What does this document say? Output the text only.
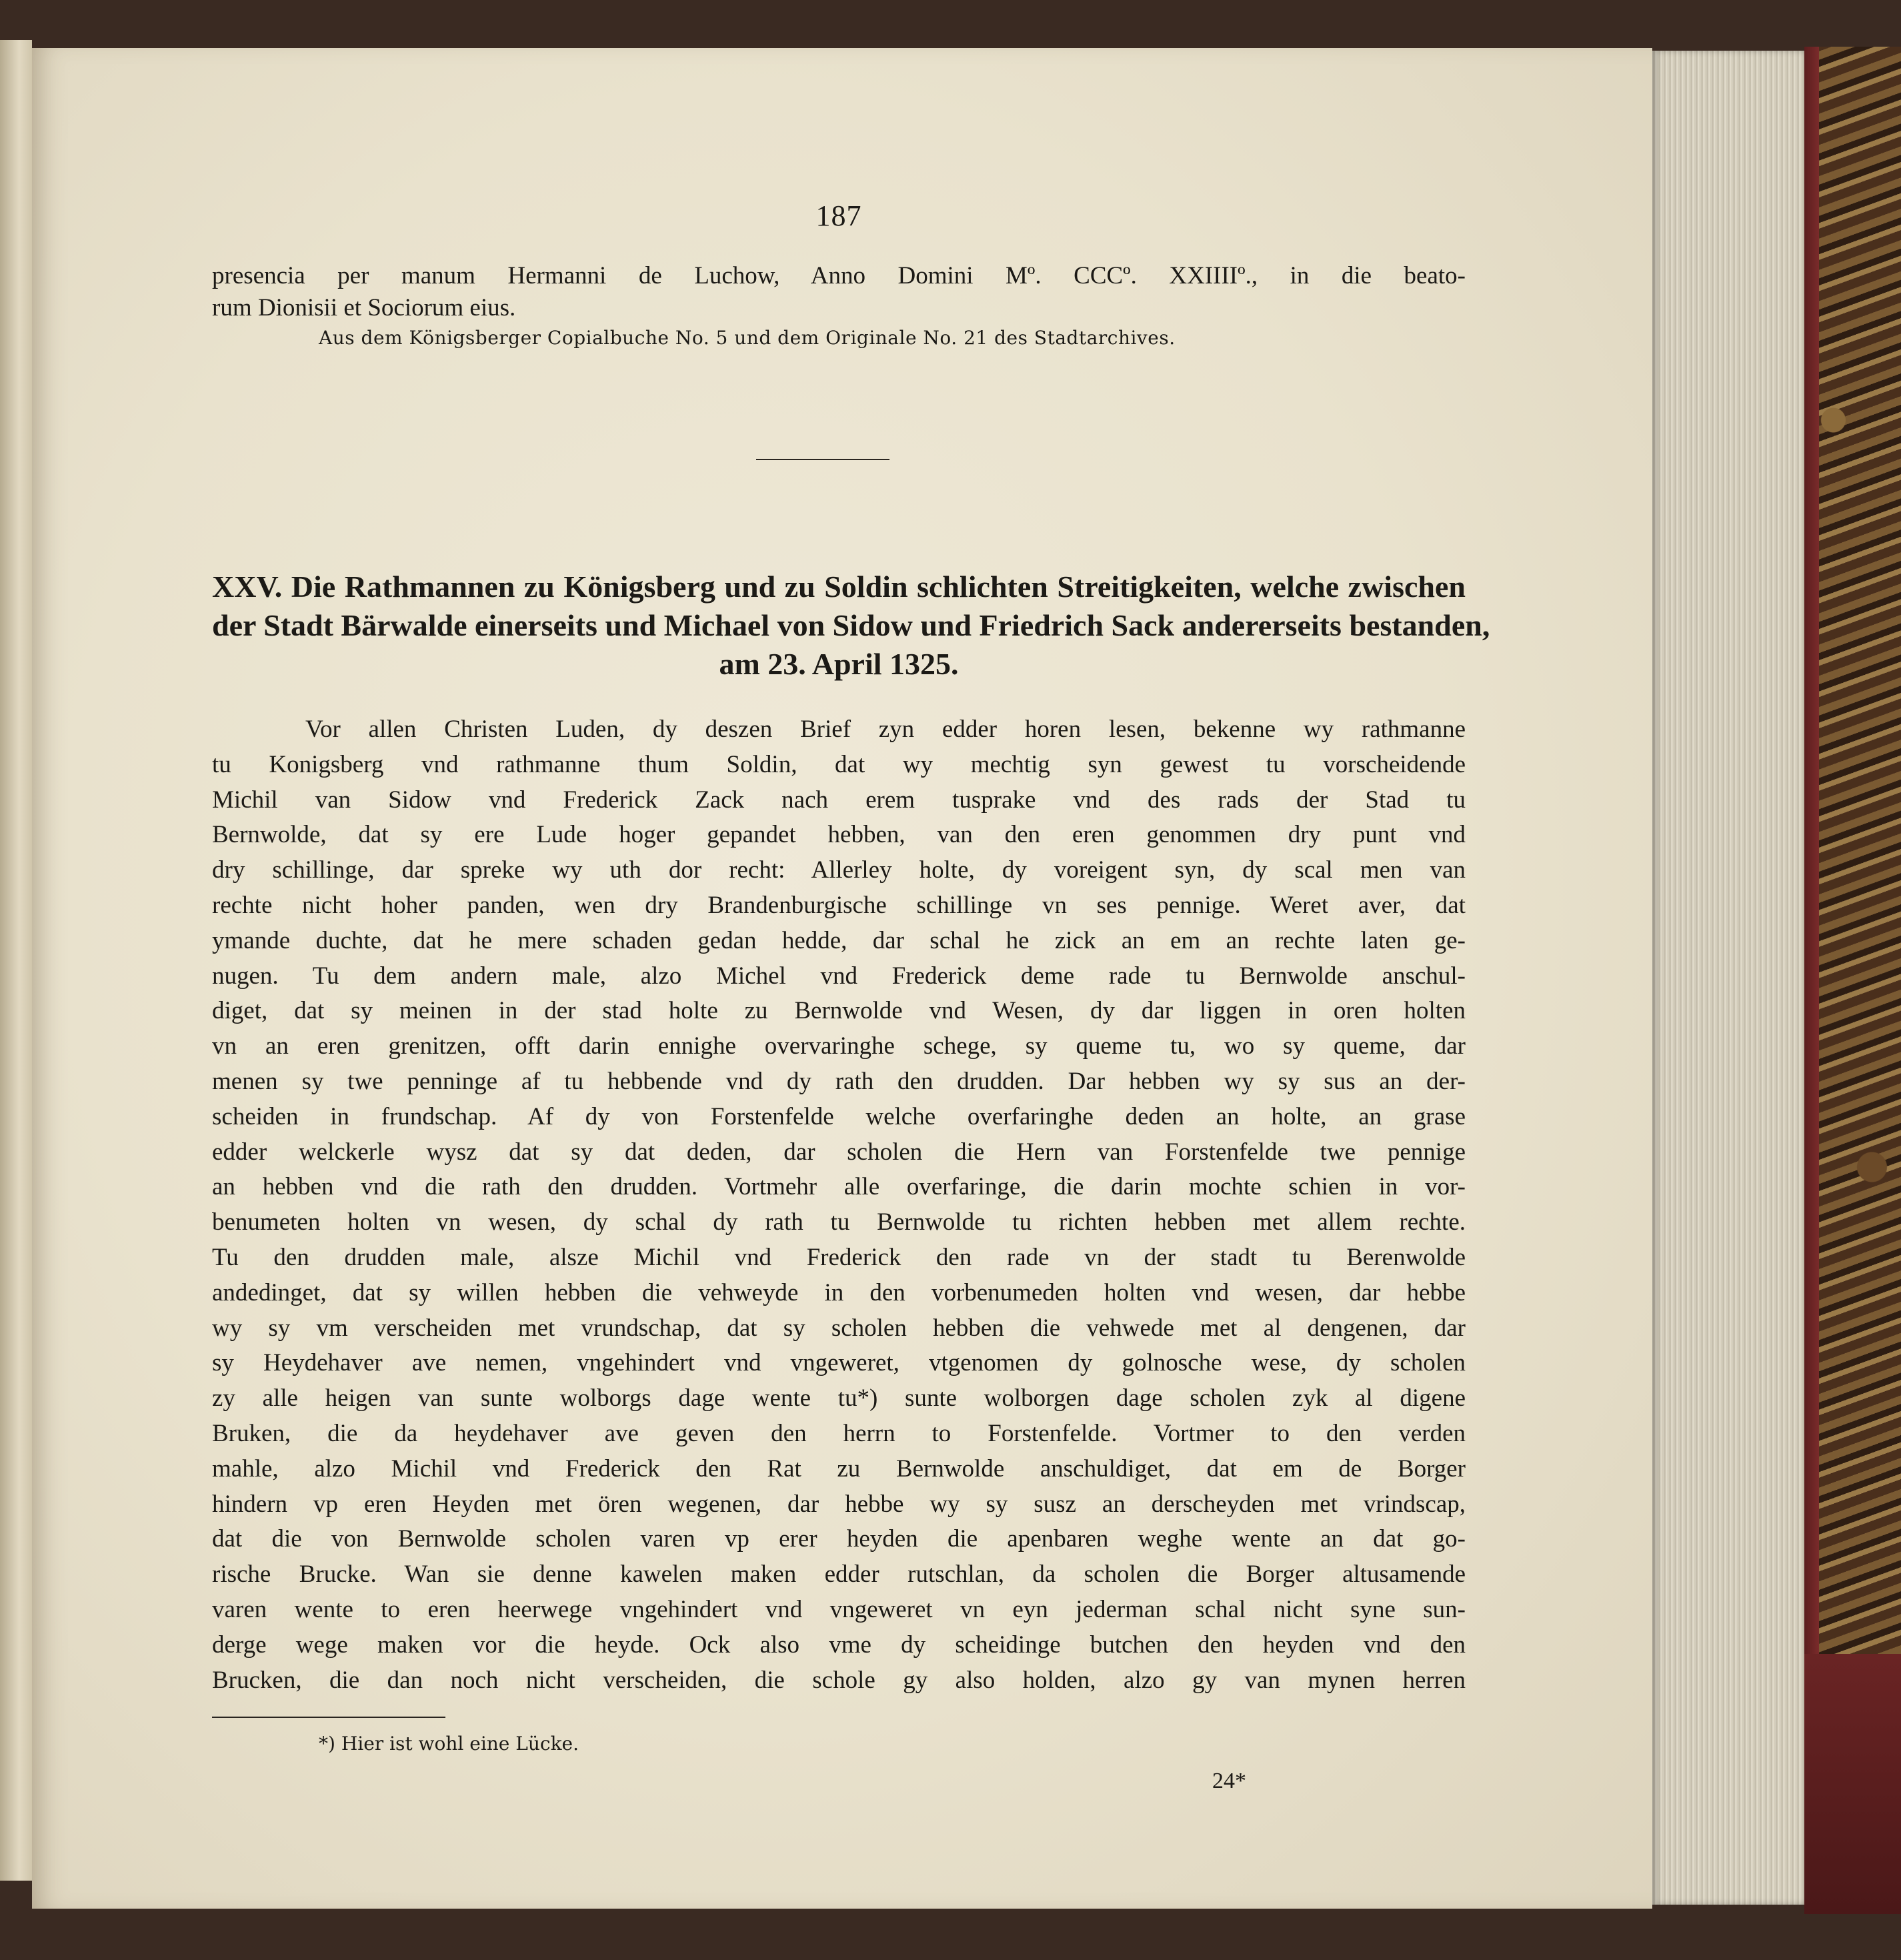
187
presencia per manum Hermanni de Luchow, Anno Domini Mº. CCCº. XXIIIIº., in die beato-
rum Dionisii et Sociorum eius.
Aus dem Königsberger Copialbuche No. 5 und dem Originale No. 21 des Stadtarchives.
XXV. Die Rathmannen zu Königsberg und zu Soldin schlichten Streitigkeiten, welche zwischen
der Stadt Bärwalde einerseits und Michael von Sidow und Friedrich Sack andererseits bestanden,
am 23. April 1325.
Vor allen Christen Luden, dy deszen Brief zyn edder horen lesen, bekenne wy rathmanne
tu Konigsberg vnd rathmanne thum Soldin, dat wy mechtig syn gewest tu vorscheidende
Michil van Sidow vnd Frederick Zack nach erem tusprake vnd des rads der Stad tu
Bernwolde, dat sy ere Lude hoger gepandet hebben, van den eren genommen dry punt vnd
dry schillinge, dar spreke wy uth dor recht: Allerley holte, dy voreigent syn, dy scal men van
rechte nicht hoher panden, wen dry Brandenburgische schillinge vn ses pennige. Weret aver, dat
ymande duchte, dat he mere schaden gedan hedde, dar schal he zick an em an rechte laten ge-
nugen. Tu dem andern male, alzo Michel vnd Frederick deme rade tu Bernwolde anschul-
diget, dat sy meinen in der stad holte zu Bernwolde vnd Wesen, dy dar liggen in oren holten
vn an eren grenitzen, offt darin ennighe overvaringhe schege, sy queme tu, wo sy queme, dar
menen sy twe penninge af tu hebbende vnd dy rath den drudden. Dar hebben wy sy sus an der-
scheiden in frundschap. Af dy von Forstenfelde welche overfaringhe deden an holte, an grase
edder welckerle wysz dat sy dat deden, dar scholen die Hern van Forstenfelde twe pennige
an hebben vnd die rath den drudden. Vortmehr alle overfaringe, die darin mochte schien in vor-
benumeten holten vn wesen, dy schal dy rath tu Bernwolde tu richten hebben met allem rechte.
Tu den drudden male, alsze Michil vnd Frederick den rade vn der stadt tu Berenwolde
andedinget, dat sy willen hebben die vehweyde in den vorbenumeden holten vnd wesen, dar hebbe
wy sy vm verscheiden met vrundschap, dat sy scholen hebben die vehwede met al dengenen, dar
sy Heydehaver ave nemen, vngehindert vnd vngeweret, vtgenomen dy golnosche wese, dy scholen
zy alle heigen van sunte wolborgs dage wente tu*) sunte wolborgen dage scholen zyk al digene
Bruken, die da heydehaver ave geven den herrn to Forstenfelde. Vortmer to den verden
mahle, alzo Michil vnd Frederick den Rat zu Bernwolde anschuldiget, dat em de Borger
hindern vp eren Heyden met ören wegenen, dar hebbe wy sy susz an derscheyden met vrindscap,
dat die von Bernwolde scholen varen vp erer heyden die apenbaren weghe wente an dat go-
rische Brucke. Wan sie denne kawelen maken edder rutschlan, da scholen die Borger altusamende
varen wente to eren heerwege vngehindert vnd vngeweret vn eyn jederman schal nicht syne sun-
derge wege maken vor die heyde. Ock also vme dy scheidinge butchen den heyden vnd den
Brucken, die dan noch nicht verscheiden, die schole gy also holden, alzo gy van mynen herren
*) Hier ist wohl eine Lücke.
24*
